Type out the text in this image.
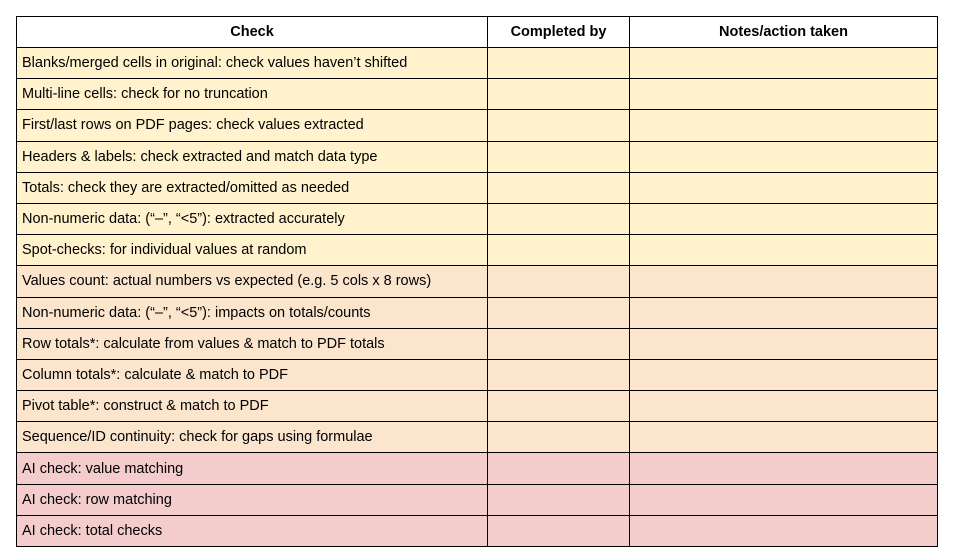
Check	Completed by	Notes/action taken
Blanks/merged cells in original: check values haven’t shifted		
Multi-line cells: check for no truncation		
First/last rows on PDF pages: check values extracted		
Headers & labels: check extracted and match data type		
Totals: check they are extracted/omitted as needed		
Non-numeric data: (“–”, “<5”): extracted accurately		
Spot-checks: for individual values at random		
Values count: actual numbers vs expected (e.g. 5 cols x 8 rows)		
Non-numeric data: (“–”, “<5”): impacts on totals/counts		
Row totals*: calculate from values & match to PDF totals		
Column totals*: calculate & match to PDF		
Pivot table*: construct & match to PDF		
Sequence/ID continuity: check for gaps using formulae		
AI check: value matching		
AI check: row matching		
AI check: total checks		
